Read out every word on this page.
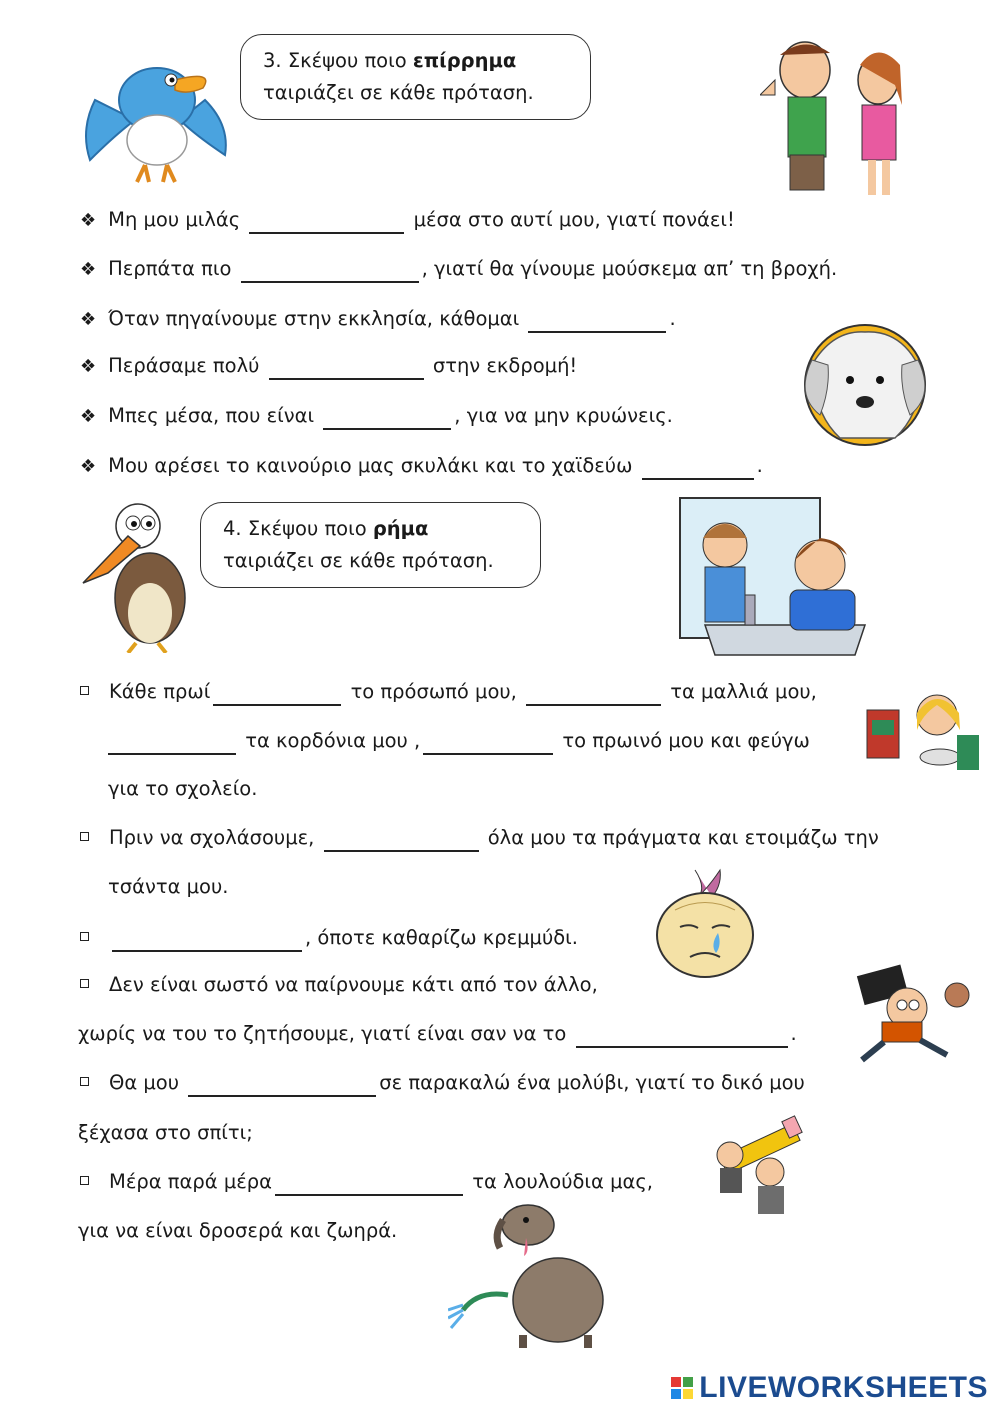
3. Σκέψου ποιο επίρρημα
ταιριάζει σε κάθε πρόταση.
❖ Μη μου μιλάς	μέσα στο αυτί μου, γιατί πονάει!
❖ Περπάτα πιο	, γιατί θα γίνουμε μούσκεμα απ’ τη βροχή.
❖ Όταν πηγαίνουμε στην εκκλησία, κάθομαι	.
❖ Περάσαμε πολύ	στην εκδρομή!
❖ Μπες μέσα, που είναι	, για να μην κρυώνεις.
❖ Μου αρέσει το καινούριο μας σκυλάκι και το χαϊδεύω	.
4. Σκέψου ποιο ρήμα
ταιριάζει σε κάθε πρόταση.
Κάθε πρωί	το πρόσωπό μου,	τα μαλλιά μου,
τα κορδόνια μου ,	το πρωινό μου και φεύγω
για το σχολείο.
Πριν να σχολάσουμε,	όλα μου τα πράγματα και ετοιμάζω την
τσάντα μου.
, όποτε καθαρίζω κρεμμύδι.
Δεν είναι σωστό να παίρνουμε κάτι από τον άλλο,
χωρίς να του το ζητήσουμε, γιατί είναι σαν να το	.
Θα μου	σε παρακαλώ ένα μολύβι, γιατί το δικό μου
ξέχασα στο σπίτι;
Μέρα παρά μέρα	τα λουλούδια μας,
για να είναι δροσερά και ζωηρά.
LIVEWORKSHEETS
